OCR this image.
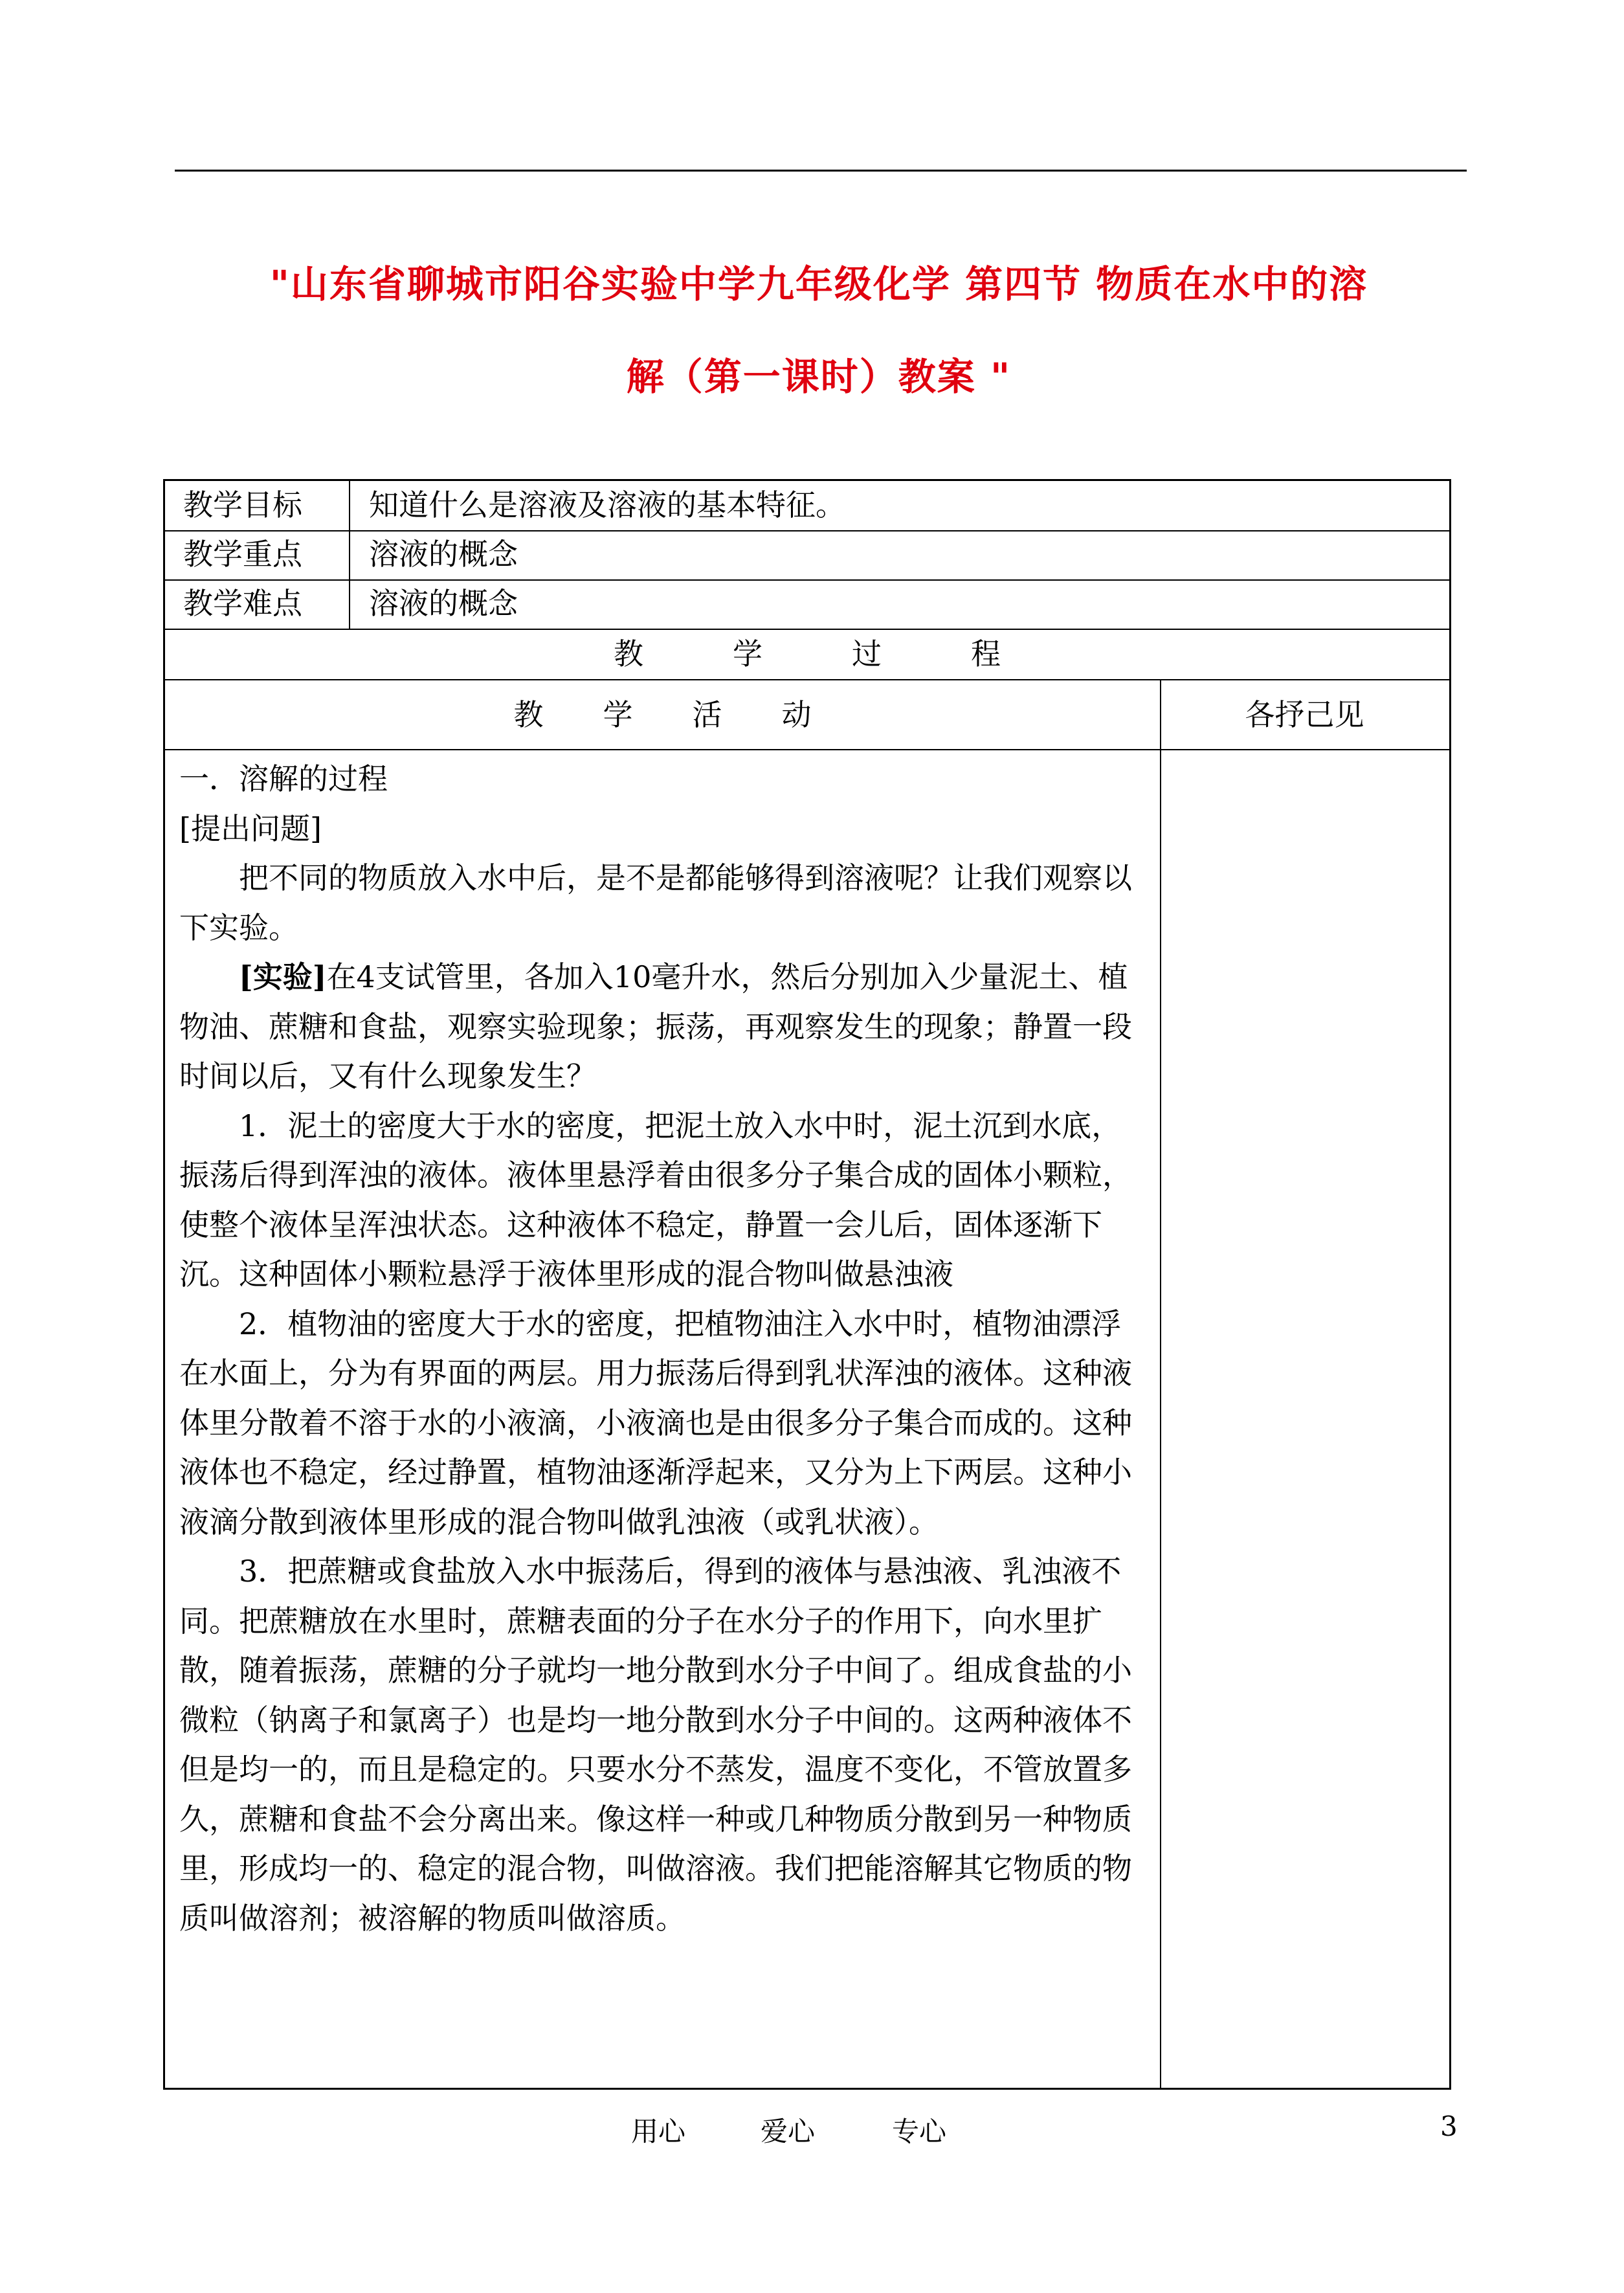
"山东省聊城市阳谷实验中学九年级化学 第四节 物质在水中的溶
解（第一课时）教案 "
教学目标 知道什么是溶液及溶液的基本特征。
教学重点 溶液的概念
教学难点 溶液的概念
教　　　学　　　过　　　程
教　　学　　活　　动	各抒己见

一．溶解的过程

[提出问题]

把不同的物质放入水中后，是不是都能够得到溶液呢？让我们观察以下实验。

[实验]在4支试管里，各加入10毫升水，然后分别加入少量泥土、植物油、蔗糖和食盐，观察实验现象；振荡，再观察发生的现象；静置一段时间以后，又有什么现象发生？

1．泥土的密度大于水的密度，把泥土放入水中时，泥土沉到水底，振荡后得到浑浊的液体。液体里悬浮着由很多分子集合成的固体小颗粒，使整个液体呈浑浊状态。这种液体不稳定，静置一会儿后，固体逐渐下沉。这种固体小颗粒悬浮于液体里形成的混合物叫做悬浊液

2．植物油的密度大于水的密度，把植物油注入水中时，植物油漂浮在水面上，分为有界面的两层。用力振荡后得到乳状浑浊的液体。这种液体里分散着不溶于水的小液滴，小液滴也是由很多分子集合而成的。这种液体也不稳定，经过静置，植物油逐渐浮起来，又分为上下两层。这种小液滴分散到液体里形成的混合物叫做乳浊液（或乳状液）。

3．把蔗糖或食盐放入水中振荡后，得到的液体与悬浊液、乳浊液不同。把蔗糖放在水里时，蔗糖表面的分子在水分子的作用下，向水里扩散，随着振荡，蔗糖的分子就均一地分散到水分子中间了。组成食盐的小微粒（钠离子和氯离子）也是均一地分散到水分子中间的。这两种液体不但是均一的，而且是稳定的。只要水分不蒸发，温度不变化，不管放置多久，蔗糖和食盐不会分离出来。像这样一种或几种物质分散到另一种物质里，形成均一的、稳定的混合物，叫做溶液。我们把能溶解其它物质的物质叫做溶剂；被溶解的物质叫做溶质。

用心	爱心	专心	3
